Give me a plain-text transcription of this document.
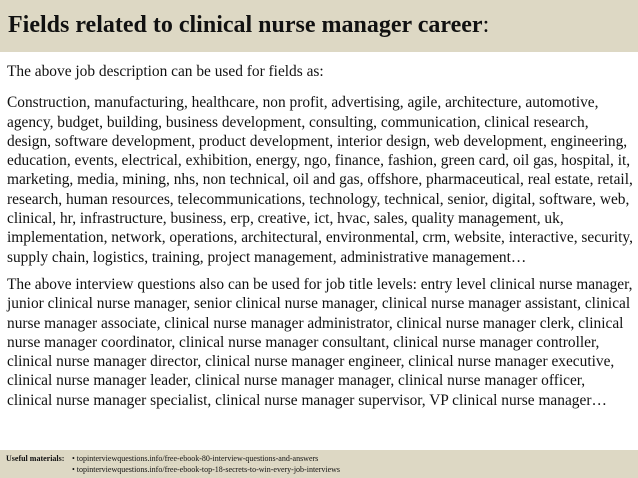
Fields related to clinical nurse manager career:

The above job description can be used for fields as:

Construction, manufacturing, healthcare, non profit, advertising, agile, architecture, automotive, agency, budget, building, business development, consulting, communication, clinical research, design, software development, product development, interior design, web development, engineering, education, events, electrical, exhibition, energy, ngo, finance, fashion, green card, oil gas, hospital, it, marketing, media, mining, nhs, non technical, oil and gas, offshore, pharmaceutical, real estate, retail, research, human resources, telecommunications, technology, technical, senior, digital, software, web, clinical, hr, infrastructure, business, erp, creative, ict, hvac, sales, quality management, uk, implementation, network, operations, architectural, environmental, crm, website, interactive, security, supply chain, logistics, training, project management, administrative management…

The above interview questions also can be used for job title levels: entry level clinical nurse manager, junior clinical nurse manager, senior clinical nurse manager, clinical nurse manager assistant, clinical nurse manager associate, clinical nurse manager administrator, clinical nurse manager clerk, clinical nurse manager coordinator, clinical nurse manager consultant, clinical nurse manager controller, clinical nurse manager director, clinical nurse manager engineer, clinical nurse manager executive, clinical nurse manager leader, clinical nurse manager manager, clinical nurse manager officer, clinical nurse manager specialist, clinical nurse manager supervisor, VP clinical nurse manager…

Useful materials: • topinterviewquestions.info/free-ebook-80-interview-questions-and-answers
• topinterviewquestions.info/free-ebook-top-18-secrets-to-win-every-job-interviews
